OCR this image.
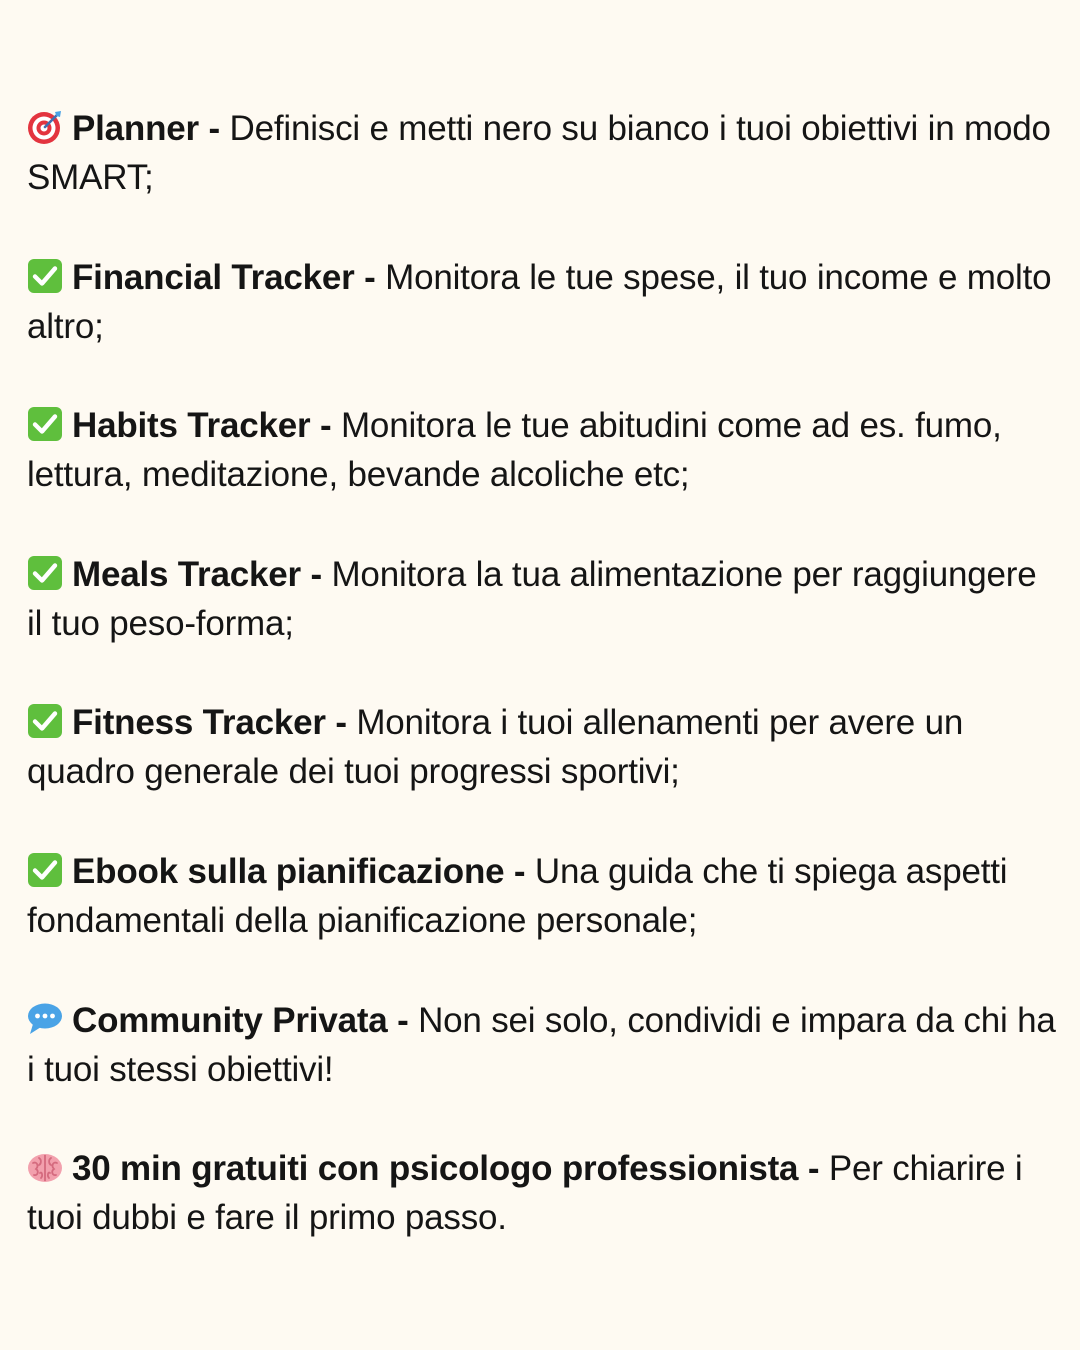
Planner - Definisci e metti nero su bianco i tuoi obiettivi in modo SMART;
Financial Tracker - Monitora le tue spese, il tuo income e molto altro;
Habits Tracker - Monitora le tue abitudini come ad es. fumo, lettura, meditazione, bevande alcoliche etc;
Meals Tracker - Monitora la tua alimentazione per raggiungere il tuo peso-forma;
Fitness Tracker - Monitora i tuoi allenamenti per avere un quadro generale dei tuoi progressi sportivi;
Ebook sulla pianificazione - Una guida che ti spiega aspetti fondamentali della pianificazione personale;
Community Privata - Non sei solo, condividi e impara da chi ha i tuoi stessi obiettivi!
30 min gratuiti con psicologo professionista - Per chiarire i tuoi dubbi e fare il primo passo.
